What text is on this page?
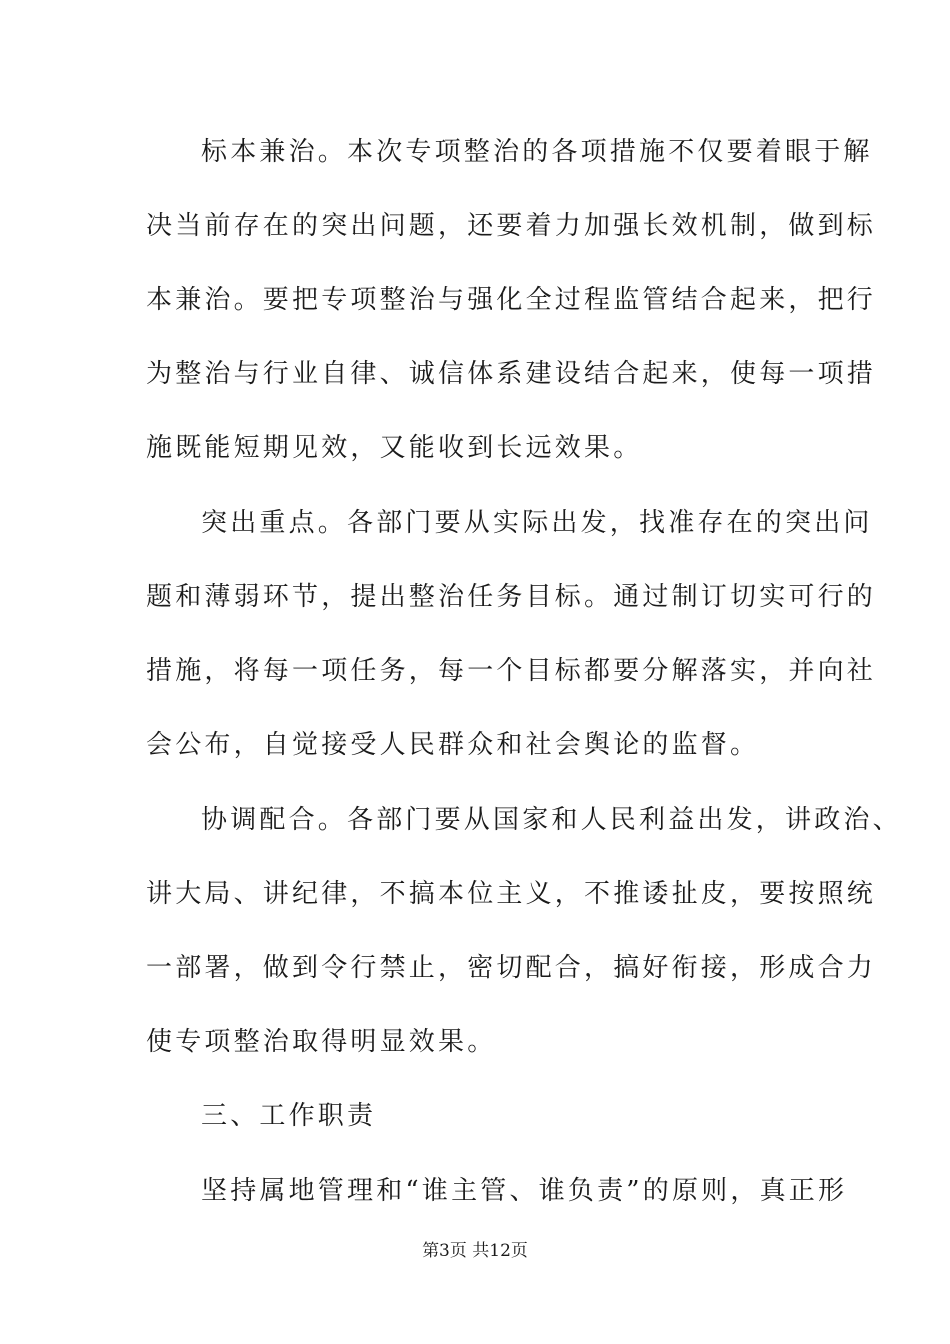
标本兼治。本次专项整治的各项措施不仅要着眼于解
决当前存在的突出问题，还要着力加强长效机制，做到标
本兼治。要把专项整治与强化全过程监管结合起来，把行
为整治与行业自律、诚信体系建设结合起来，使每一项措
施既能短期见效，又能收到长远效果。
突出重点。各部门要从实际出发，找准存在的突出问
题和薄弱环节，提出整治任务目标。通过制订切实可行的
措施，将每一项任务，每一个目标都要分解落实，并向社
会公布，自觉接受人民群众和社会舆论的监督。
协调配合。各部门要从国家和人民利益出发，讲政治、
讲大局、讲纪律，不搞本位主义，不推诿扯皮，要按照统
一部署，做到令行禁止，密切配合，搞好衔接，形成合力
使专项整治取得明显效果。
三、工作职责
坚持属地管理和“谁主管、谁负责”的原则，真正形
第3页 共12页
